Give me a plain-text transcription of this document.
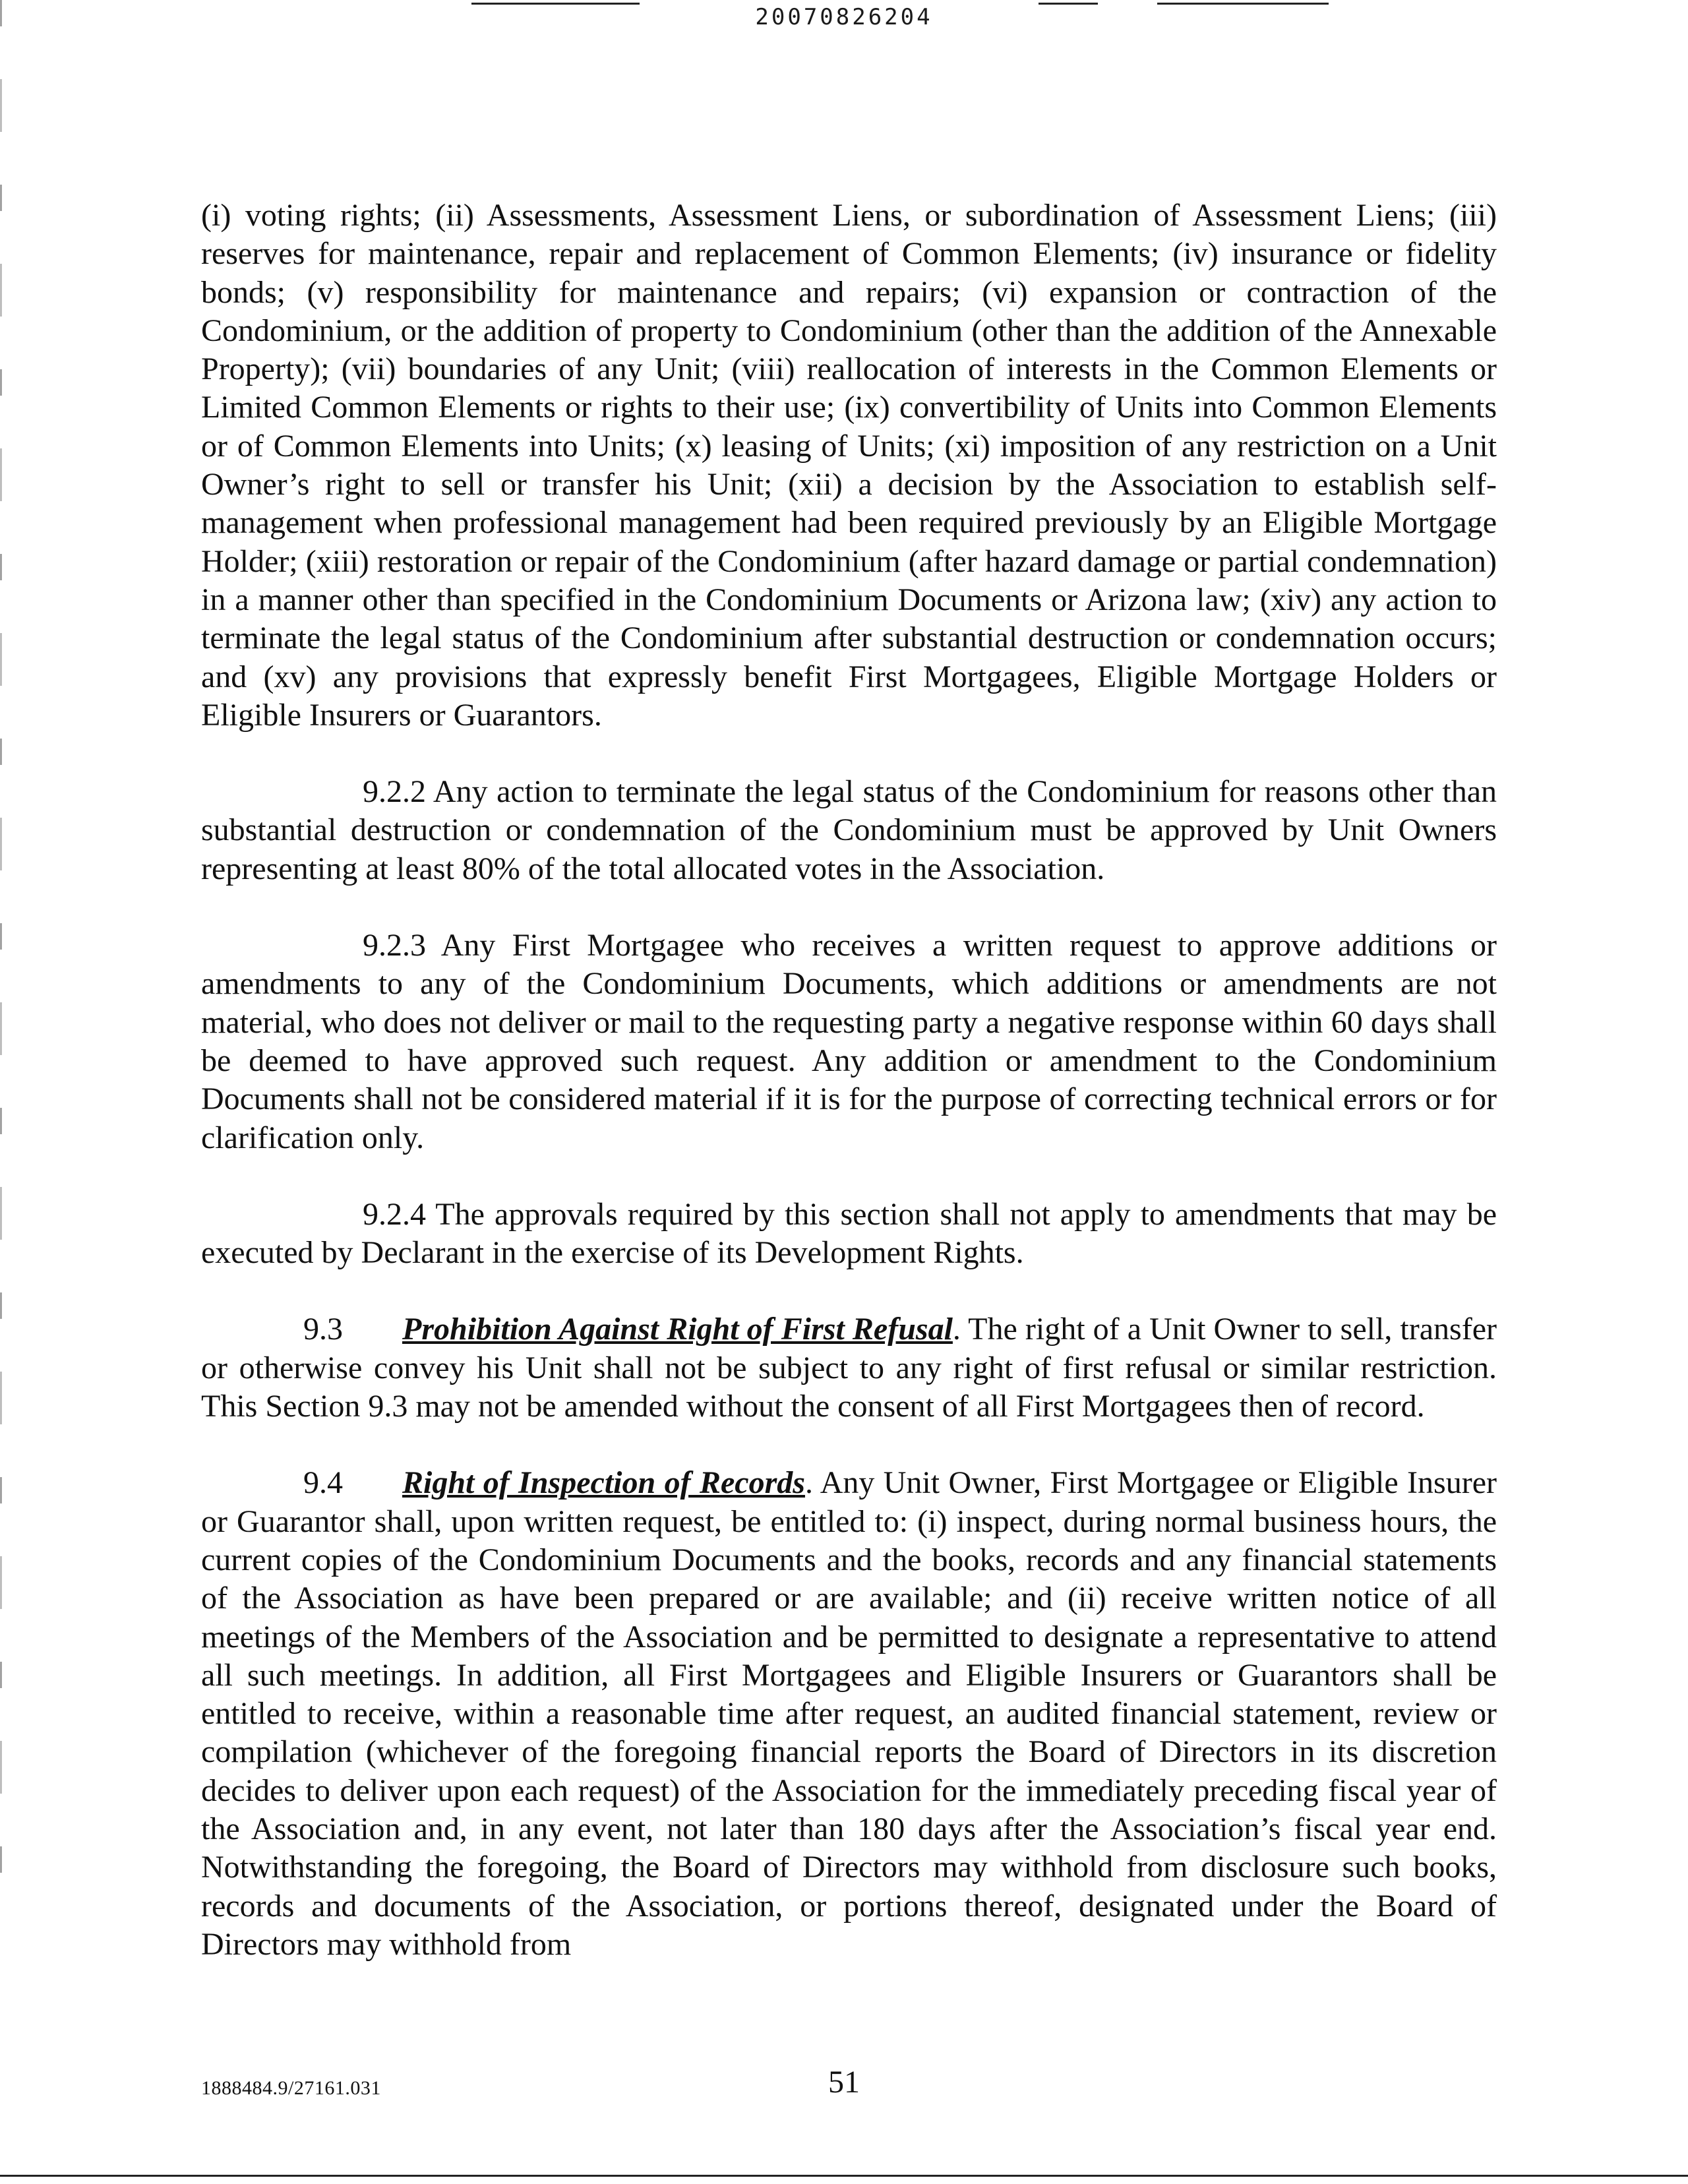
20070826204

(i) voting rights; (ii) Assessments, Assessment Liens, or subordination of Assessment Liens; (iii) reserves for maintenance, repair and replacement of Common Elements; (iv) insurance or fidelity bonds; (v) responsibility for maintenance and repairs; (vi) expansion or contraction of the Condominium, or the addition of property to Condominium (other than the addition of the Annexable Property); (vii) boundaries of any Unit; (viii) reallocation of interests in the Common Elements or Limited Common Elements or rights to their use; (ix) convertibility of Units into Common Elements or of Common Elements into Units; (x) leasing of Units; (xi) imposition of any restriction on a Unit Owner’s right to sell or transfer his Unit; (xii) a decision by the Association to establish self-management when professional management had been required previously by an Eligible Mortgage Holder; (xiii) restoration or repair of the Condominium (after hazard damage or partial condemnation) in a manner other than specified in the Condominium Documents or Arizona law; (xiv) any action to terminate the legal status of the Condominium after substantial destruction or condemnation occurs; and (xv) any provisions that expressly benefit First Mortgagees, Eligible Mortgage Holders or Eligible Insurers or Guarantors.

9.2.2 Any action to terminate the legal status of the Condominium for reasons other than substantial destruction or condemnation of the Condominium must be approved by Unit Owners representing at least 80% of the total allocated votes in the Association.

9.2.3 Any First Mortgagee who receives a written request to approve additions or amendments to any of the Condominium Documents, which additions or amendments are not material, who does not deliver or mail to the requesting party a negative response within 60 days shall be deemed to have approved such request. Any addition or amendment to the Condominium Documents shall not be considered material if it is for the purpose of correcting technical errors or for clarification only.

9.2.4 The approvals required by this section shall not apply to amendments that may be executed by Declarant in the exercise of its Development Rights.

9.3 Prohibition Against Right of First Refusal. The right of a Unit Owner to sell, transfer or otherwise convey his Unit shall not be subject to any right of first refusal or similar restriction. This Section 9.3 may not be amended without the consent of all First Mortgagees then of record.

9.4 Right of Inspection of Records. Any Unit Owner, First Mortgagee or Eligible Insurer or Guarantor shall, upon written request, be entitled to: (i) inspect, during normal business hours, the current copies of the Condominium Documents and the books, records and any financial statements of the Association as have been prepared or are available; and (ii) receive written notice of all meetings of the Members of the Association and be permitted to designate a representative to attend all such meetings. In addition, all First Mortgagees and Eligible Insurers or Guarantors shall be entitled to receive, within a reasonable time after request, an audited financial statement, review or compilation (whichever of the foregoing financial reports the Board of Directors in its discretion decides to deliver upon each request) of the Association for the immediately preceding fiscal year of the Association and, in any event, not later than 180 days after the Association’s fiscal year end. Notwithstanding the foregoing, the Board of Directors may withhold from disclosure such books, records and documents of the Association, or portions thereof, designated under the Board of Directors may withhold from

1888484.9/27161.031	51
